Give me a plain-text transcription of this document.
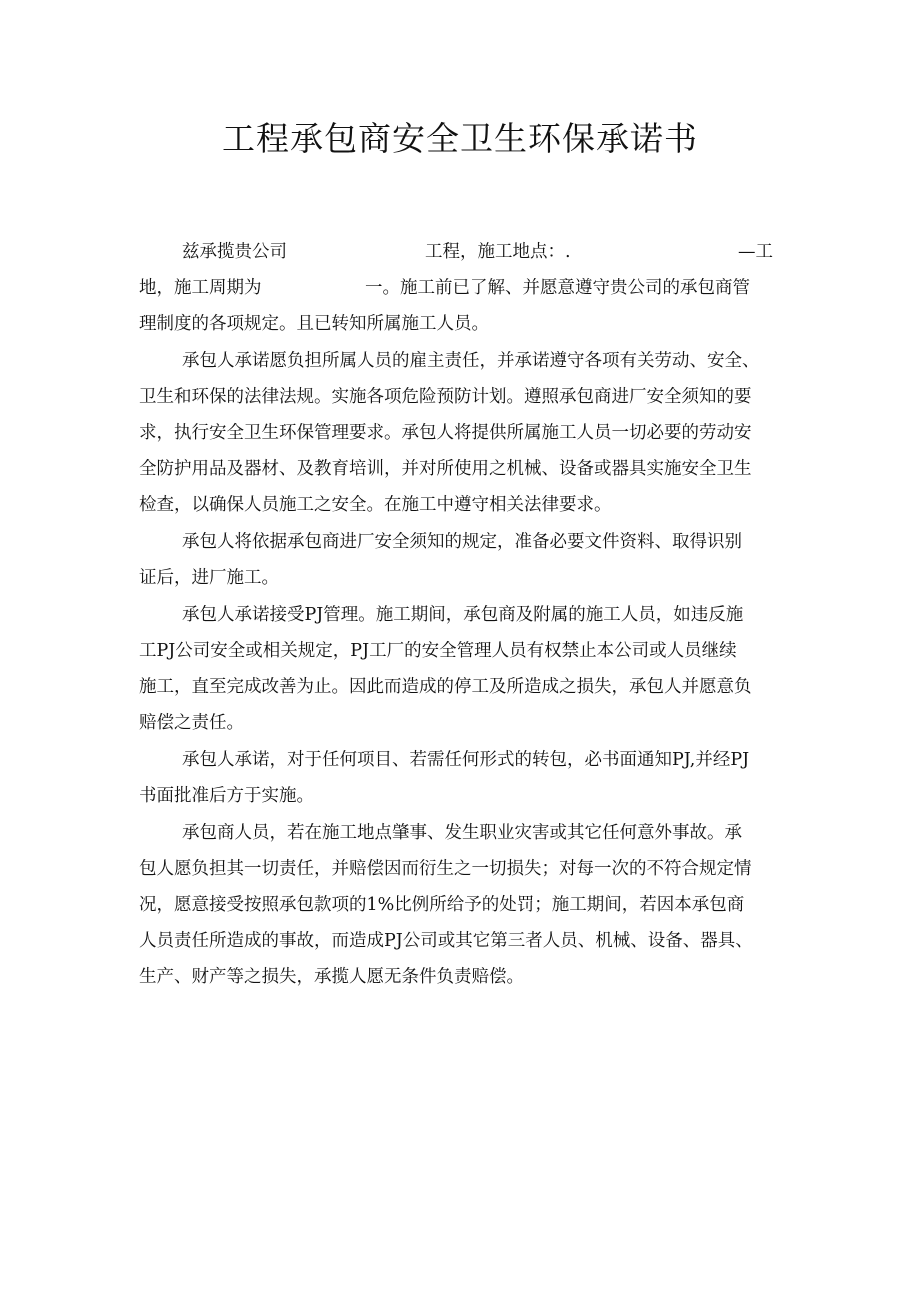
工程承包商安全卫生环保承诺书
兹承揽贵公司	工程，施工地点：.	—工
地，施工周期为	一。施工前已了解、并愿意遵守贵公司的承包商管
理制度的各项规定。且已转知所属施工人员。
承包人承诺愿负担所属人员的雇主责任，并承诺遵守各项有关劳动、安全、
卫生和环保的法律法规。实施各项危险预防计划。遵照承包商进厂安全须知的要
求，执行安全卫生环保管理要求。承包人将提供所属施工人员一切必要的劳动安
全防护用品及器材、及教育培训，并对所使用之机械、设备或器具实施安全卫生
检查，以确保人员施工之安全。在施工中遵守相关法律要求。
承包人将依据承包商进厂安全须知的规定，准备必要文件资料、取得识别
证后，进厂施工。
承包人承诺接受PJ管理。施工期间，承包商及附属的施工人员，如违反施
工PJ公司安全或相关规定，PJ工厂的安全管理人员有权禁止本公司或人员继续
施工，直至完成改善为止。因此而造成的停工及所造成之损失，承包人并愿意负
赔偿之责任。
承包人承诺，对于任何项目、若需任何形式的转包，必书面通知PJ,并经PJ
书面批准后方于实施。
承包商人员，若在施工地点肇事、发生职业灾害或其它任何意外事故。承
包人愿负担其一切责任，并赔偿因而衍生之一切损失；对每一次的不符合规定情
况，愿意接受按照承包款项的1%比例所给予的处罚；施工期间，若因本承包商
人员责任所造成的事故，而造成PJ公司或其它第三者人员、机械、设备、器具、
生产、财产等之损失，承揽人愿无条件负责赔偿。
